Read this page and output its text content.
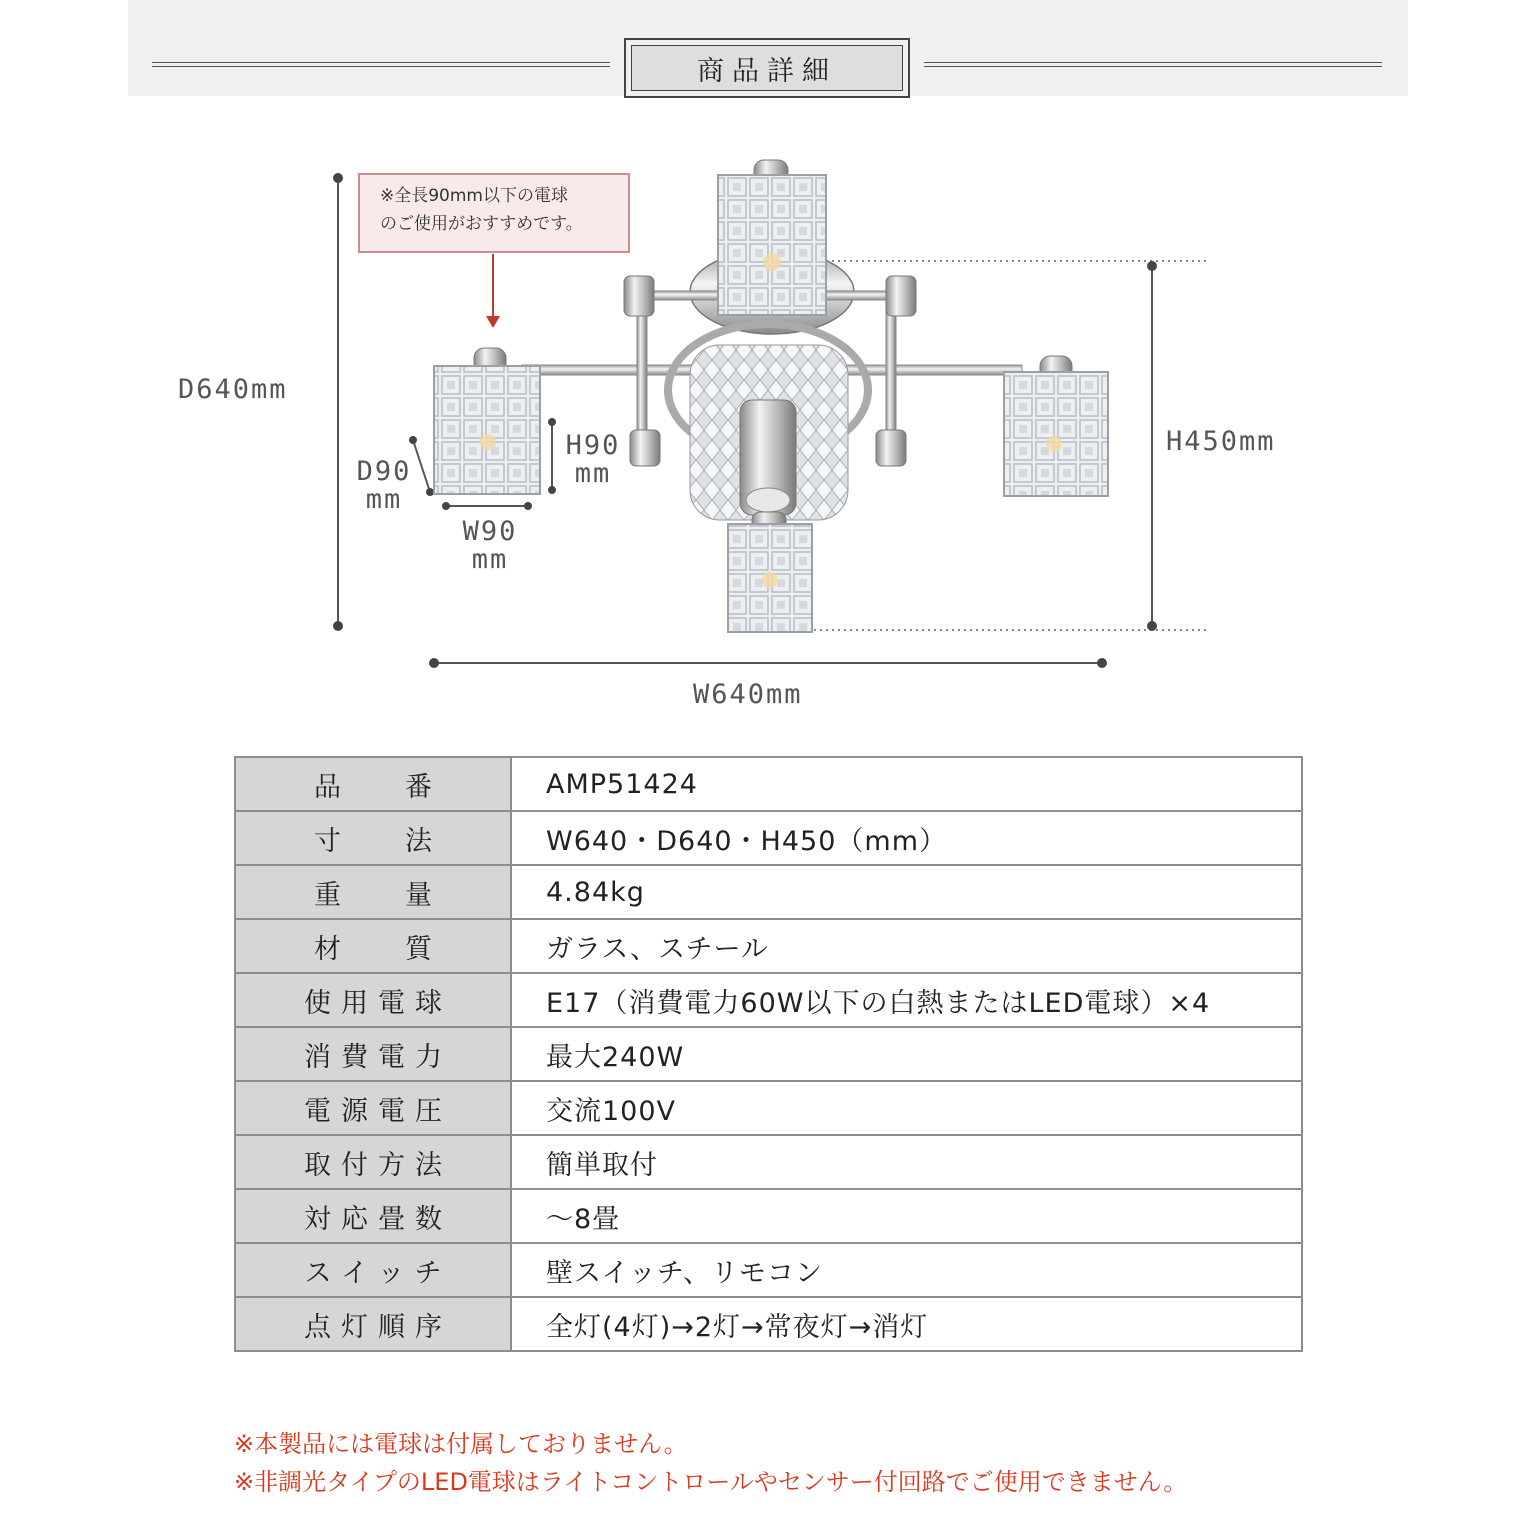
商品詳細
※全長90mm以下の電球
のご使用がおすすめです。
D640mm
H450mm
W640mm
D90
mm
H90
mm
W90
mm
品番	AMP51424
寸法	W640・D640・H450（mm）
重量	4.84kg
材質	ガラス、スチール
使用電球	E17（消費電力60W以下の白熱またはLED電球）×4
消費電力	最大240W
電源電圧	交流100V
取付方法	簡単取付
対応畳数	～8畳
スイッチ	壁スイッチ、リモコン
点灯順序	全灯(4灯)→2灯→常夜灯→消灯
※本製品には電球は付属しておりません。
※非調光タイプのLED電球はライトコントロールやセンサー付回路でご使用できません。
